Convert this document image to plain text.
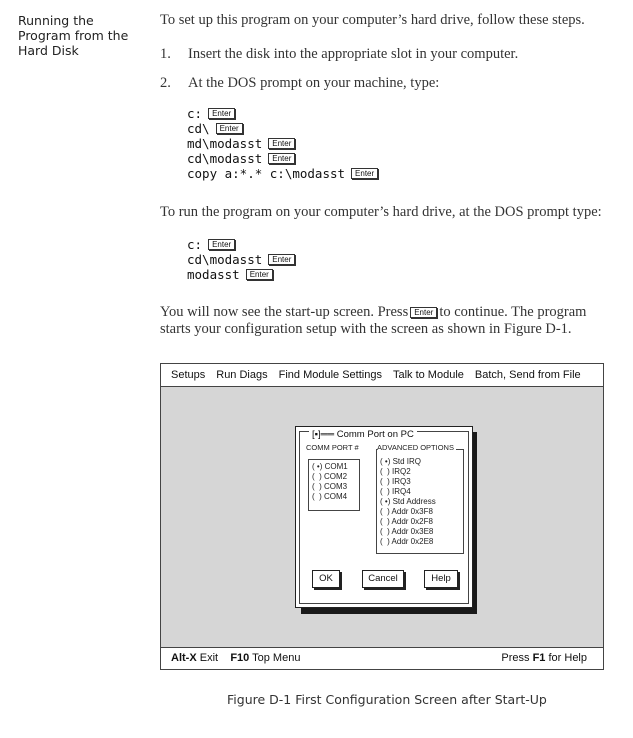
Running the
Program from the
Hard Disk
To set up this program on your computer’s hard drive, follow these steps.
1. Insert the disk into the appropriate slot in your computer.
2. At the DOS prompt on your machine, type:
c:	Enter
cd\	Enter
md\modasst	Enter
cd\modasst	Enter
copy a:*.* c:\modasst	Enter
To run the program on your computer’s hard drive, at the DOS prompt type:
c:	Enter
cd\modasst	Enter
modasst	Enter
You will now see the start-up screen. Press Enter to continue. The program starts your configuration setup with the screen as shown in Figure D-1.
Setups Run Diags Find Module Settings Talk to Module Batch, Send from File
[▪]══ Comm Port on PC
COMM PORT #
( •) COM1
(  ) COM2
(  ) COM3
(  ) COM4
ADVANCED OPTIONS
( •) Std IRQ
(  ) IRQ2
(  ) IRQ3
(  ) IRQ4
( •) Std Address
(  ) Addr 0x3F8
(  ) Addr 0x2F8
(  ) Addr 0x3E8
(  ) Addr 0x2E8
OK	Cancel	Help
Alt-X Exit F10 Top Menu	Press F1 for Help
Figure D-1 First Configuration Screen after Start-Up
